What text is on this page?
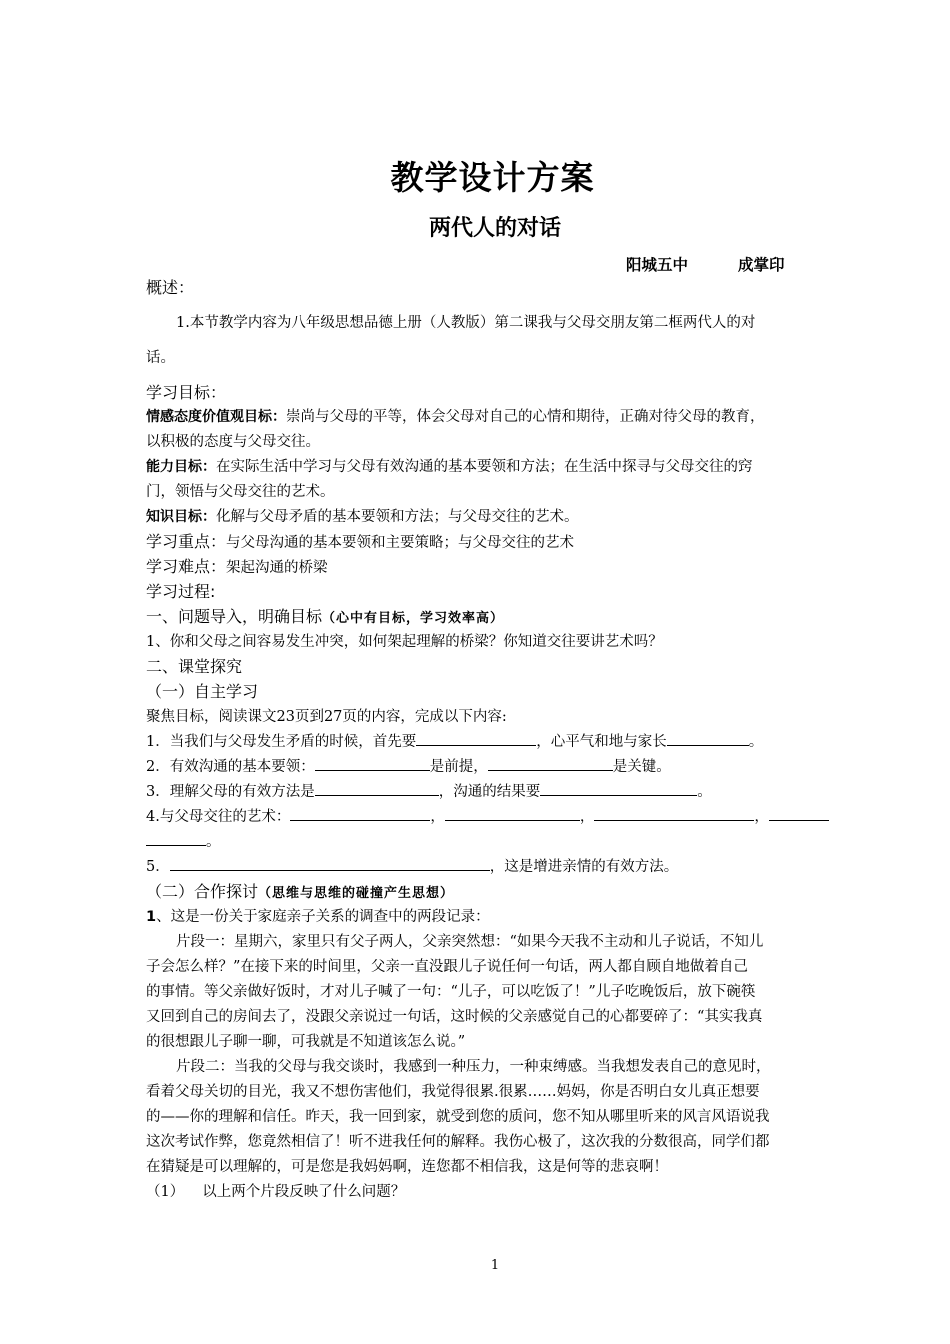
教学设计方案
两代人的对话
阳城五中	成掌印
概述：
1.本节教学内容为八年级思想品德上册（人教版）第二课我与父母交朋友第二框两代人的对
话。
学习目标：
情感态度价值观目标：崇尚与父母的平等，体会父母对自己的心情和期待，正确对待父母的教育，
以积极的态度与父母交往。
能力目标：在实际生活中学习与父母有效沟通的基本要领和方法；在生活中探寻与父母交往的窍
门，领悟与父母交往的艺术。
知识目标：化解与父母矛盾的基本要领和方法；与父母交往的艺术。
学习重点：与父母沟通的基本要领和主要策略；与父母交往的艺术
学习难点：架起沟通的桥梁
学习过程:
一、问题导入，明确目标（心中有目标，学习效率高）
1、你和父母之间容易发生冲突，如何架起理解的桥梁？你知道交往要讲艺术吗？
二、课堂探究
（一）自主学习
聚焦目标，阅读课文23页到27页的内容，完成以下内容:
1．当我们与父母发生矛盾的时候，首先要	，心平气和地与家长	。
2．有效沟通的基本要领：	是前提，	是关键。
3．理解父母的有效方法是	，沟通的结果要	。
4.与父母交往的艺术：	，	，	，
。
5．	，这是增进亲情的有效方法。
（二）合作探讨（思维与思维的碰撞产生思想）
1、这是一份关于家庭亲子关系的调查中的两段记录：
片段一：星期六，家里只有父子两人，父亲突然想：“如果今天我不主动和儿子说话，不知儿
子会怎么样？”在接下来的时间里，父亲一直没跟儿子说任何一句话，两人都自顾自地做着自己
的事情。等父亲做好饭时，才对儿子喊了一句：“儿子，可以吃饭了！”儿子吃晚饭后，放下碗筷
又回到自己的房间去了，没跟父亲说过一句话，这时候的父亲感觉自己的心都要碎了：“其实我真
的很想跟儿子聊一聊，可我就是不知道该怎么说。”
片段二：当我的父母与我交谈时，我感到一种压力，一种束缚感。当我想发表自己的意见时，
看着父母关切的目光，我又不想伤害他们，我觉得很累.很累……妈妈，你是否明白女儿真正想要
的——你的理解和信任。昨天，我一回到家，就受到您的质问，您不知从哪里听来的风言风语说我
这次考试作弊，您竟然相信了！听不进我任何的解释。我伤心极了，这次我的分数很高，同学们都
在猜疑是可以理解的，可是您是我妈妈啊，连您都不相信我，这是何等的悲哀啊！
（1） 以上两个片段反映了什么问题？
1
